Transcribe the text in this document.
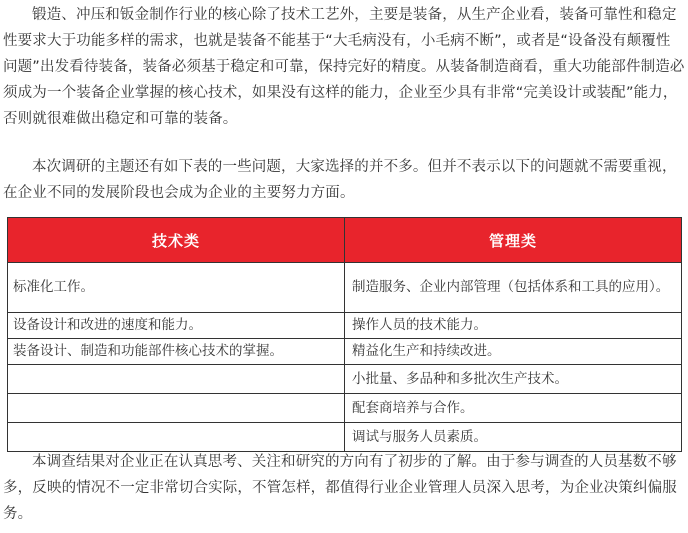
锻造、冲压和钣金制作行业的核心除了技术工艺外，主要是装备，从生产企业看，装备可靠性和稳定性要求大于功能多样的需求，也就是装备不能基于“大毛病没有，小毛病不断”，或者是“设备没有颠覆性问题”出发看待装备，装备必须基于稳定和可靠，保持完好的精度。从装备制造商看，重大功能部件制造必须成为一个装备企业掌握的核心技术，如果没有这样的能力，企业至少具有非常“完美设计或装配”能力，否则就很难做出稳定和可靠的装备。

本次调研的主题还有如下表的一些问题，大家选择的并不多。但并不表示以下的问题就不需要重视，在企业不同的发展阶段也会成为企业的主要努力方面。

技术类	管理类
标准化工作。	制造服务、企业内部管理（包括体系和工具的应用）。
设备设计和改进的速度和能力。	操作人员的技术能力。
装备设计、制造和功能部件核心技术的掌握。	精益化生产和持续改进。
	小批量、多品种和多批次生产技术。
	配套商培养与合作。
	调试与服务人员素质。

本调查结果对企业正在认真思考、关注和研究的方向有了初步的了解。由于参与调查的人员基数不够多，反映的情况不一定非常切合实际，不管怎样，都值得行业企业管理人员深入思考，为企业决策纠偏服务。
